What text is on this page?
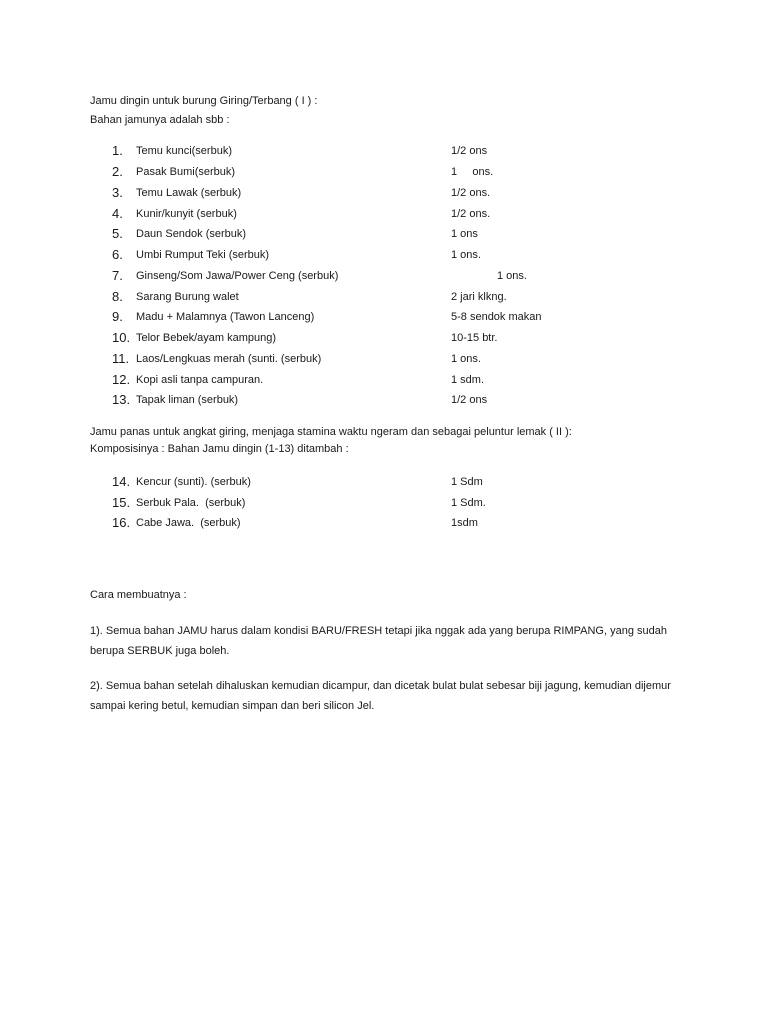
Jamu dingin untuk burung Giring/Terbang ( I ) :
Bahan jamunya adalah sbb :
1. Temu kunci(serbuk)	1/2 ons
2. Pasak Bumi(serbuk)	1     ons.
3. Temu Lawak (serbuk)	1/2 ons.
4. Kunir/kunyit (serbuk)	1/2 ons.
5. Daun Sendok (serbuk)	1 ons
6. Umbi Rumput Teki (serbuk)	1 ons.
7. Ginseng/Som Jawa/Power Ceng (serbuk)	1 ons.
8. Sarang Burung walet	2 jari klkng.
9. Madu + Malamnya (Tawon Lanceng)	5-8 sendok makan
10. Telor Bebek/ayam kampung)	10-15 btr.
11. Laos/Lengkuas merah (sunti. (serbuk)	1 ons.
12. Kopi asli tanpa campuran.	1 sdm.
13. Tapak liman (serbuk)	1/2 ons
Jamu panas untuk angkat giring, menjaga stamina waktu ngeram dan sebagai peluntur lemak ( II ):
Komposisinya : Bahan Jamu dingin (1-13) ditambah :
14. Kencur (sunti). (serbuk)	1 Sdm
15. Serbuk Pala.  (serbuk)	1 Sdm.
16. Cabe Jawa.  (serbuk)	1sdm
Cara membuatnya :
1). Semua bahan JAMU harus dalam kondisi BARU/FRESH tetapi jika nggak ada yang berupa RIMPANG, yang sudah berupa SERBUK juga boleh.
2). Semua bahan setelah dihaluskan kemudian dicampur, dan dicetak bulat bulat sebesar biji jagung, kemudian dijemur sampai kering betul, kemudian simpan dan beri silicon Jel.
